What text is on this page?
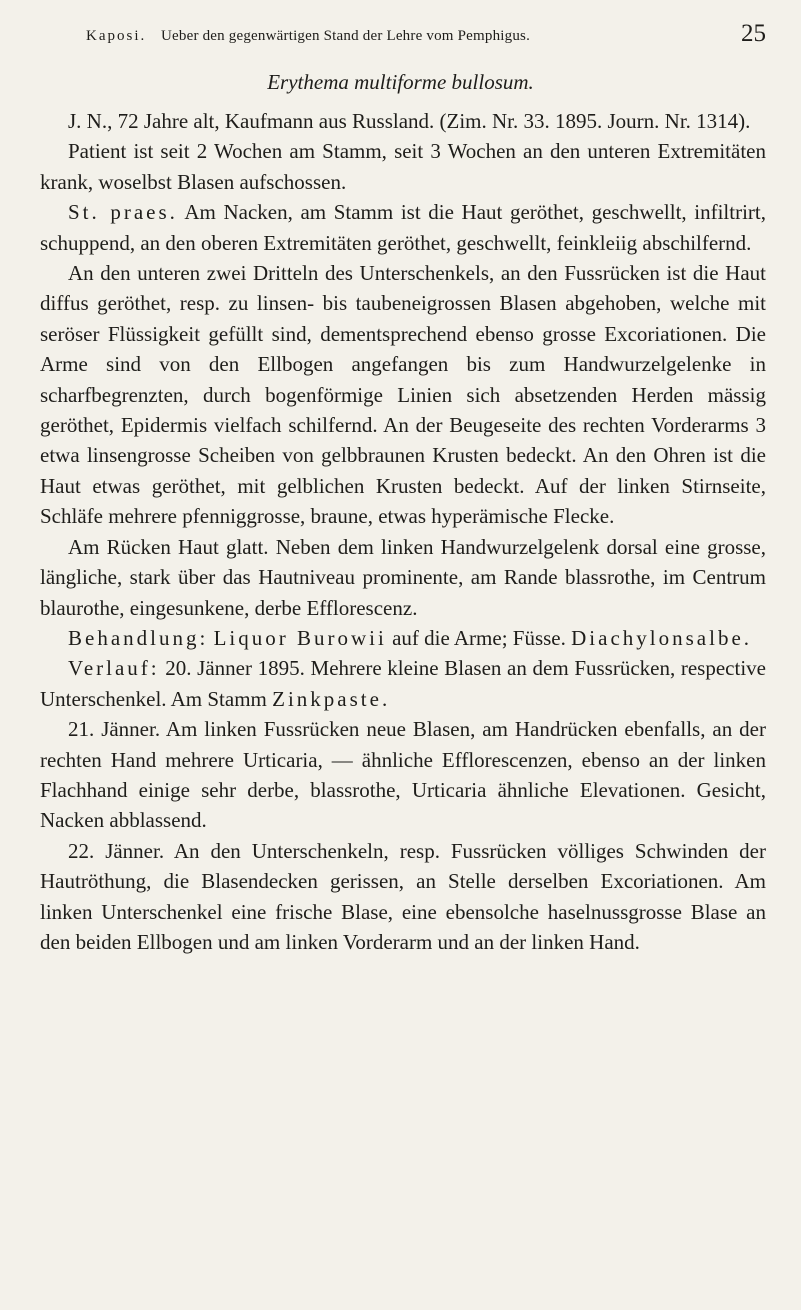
Kaposi. Ueber den gegenwärtigen Stand der Lehre vom Pemphigus.	25
Erythema multiforme bullosum.

J. N., 72 Jahre alt, Kaufmann aus Russland. (Zim. Nr. 33. 1895. Journ. Nr. 1314).

Patient ist seit 2 Wochen am Stamm, seit 3 Wochen an den unteren Extremitäten krank, woselbst Blasen aufschossen.

St. praes. Am Nacken, am Stamm ist die Haut geröthet, geschwellt, infiltrirt, schuppend, an den oberen Extremitäten geröthet, geschwellt, feinkleiig abschilfernd.

An den unteren zwei Dritteln des Unterschenkels, an den Fussrücken ist die Haut diffus geröthet, resp. zu linsen- bis taubeneigrossen Blasen abgehoben, welche mit seröser Flüssigkeit gefüllt sind, dementsprechend ebenso grosse Excoriationen. Die Arme sind von den Ellbogen angefangen bis zum Handwurzelgelenke in scharfbegrenzten, durch bogenförmige Linien sich absetzenden Herden mässig geröthet, Epidermis vielfach schilfernd. An der Beugeseite des rechten Vorderarms 3 etwa linsengrosse Scheiben von gelbbraunen Krusten bedeckt. An den Ohren ist die Haut etwas geröthet, mit gelblichen Krusten bedeckt. Auf der linken Stirnseite, Schläfe mehrere pfenniggrosse, braune, etwas hyperämische Flecke.

Am Rücken Haut glatt. Neben dem linken Handwurzelgelenk dorsal eine grosse, längliche, stark über das Hautniveau prominente, am Rande blassrothe, im Centrum blaurothe, eingesunkene, derbe Efflorescenz.

Behandlung: Liquor Burowii auf die Arme; Füsse. Diachylonsalbe.

Verlauf: 20. Jänner 1895. Mehrere kleine Blasen an dem Fussrücken, respective Unterschenkel. Am Stamm Zinkpaste.

21. Jänner. Am linken Fussrücken neue Blasen, am Handrücken ebenfalls, an der rechten Hand mehrere Urticaria, — ähnliche Efflorescenzen, ebenso an der linken Flachhand einige sehr derbe, blassrothe, Urticaria ähnliche Elevationen. Gesicht, Nacken abblassend.

22. Jänner. An den Unterschenkeln, resp. Fussrücken völliges Schwinden der Hautröthung, die Blasendecken gerissen, an Stelle derselben Excoriationen. Am linken Unterschenkel eine frische Blase, eine ebensolche haselnussgrosse Blase an den beiden Ellbogen und am linken Vorderarm und an der linken Hand.
